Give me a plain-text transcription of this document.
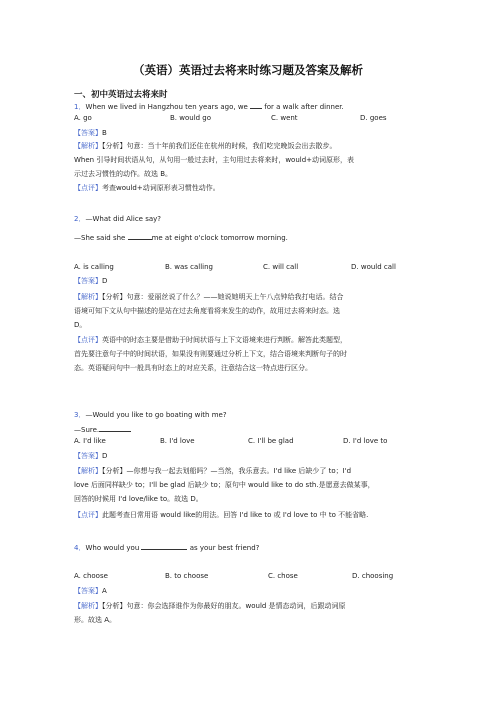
（英语）英语过去将来时练习题及答案及解析
一、初中英语过去将来时
1．When we lived in Hangzhou ten years ago, we  for a walk after dinner.
A. go	B. would go	C. went	D. goes
【答案】B
【解析】【分析】句意：当十年前我们还住在杭州的时候，我们吃完晚饭会出去散步。
When 引导时间状语从句，从句用一般过去时，主句用过去将来时，would+动词原形，表
示过去习惯性的动作。故选 B。
【点评】考查would+动词原形表习惯性动作。
2．—What did Alice say?
—She said she	me at eight o'clock tomorrow morning.
A. is calling	B. was calling	C. will call	D. would call
【答案】D
【解析】【分析】句意：爱丽丝说了什么？——她说她明天上午八点钟给我打电话。结合
语境可知下文从句中描述的是站在过去角度看将来发生的动作，故用过去将来时态。选
D。
【点评】英语中的时态主要是借助于时间状语与上下文语境来进行判断。解答此类题型，
首先要注意句子中的时间状语，如果没有则要通过分析上下文，结合语境来判断句子的时
态。英语疑问句中一般具有时态上的对应关系，注意结合这一特点进行区分。
3．—Would you like to go boating with me?
—Sure.
A. I'd like	B. I'd love	C. I'll be glad	D. I'd love to
【答案】D
【解析】【分析】—你想与我一起去划船吗？—当然，我乐意去。I'd like 后缺少了 to；I'd
love 后面同样缺少 to；I'll be glad 后缺少 to；原句中 would like to do sth.是愿意去做某事，
回答的时候用 I'd love/like to。故选 D。
【点评】此题考查日常用语 would like的用法。回答 I'd like to 或 I'd love to 中 to 不能省略.
4．Who would you	as your best friend?
A. choose	B. to choose	C. chose	D. choosing
【答案】A
【解析】【分析】句意：你会选择谁作为你最好的朋友。would 是情态动词，后跟动词原
形。故选 A。
